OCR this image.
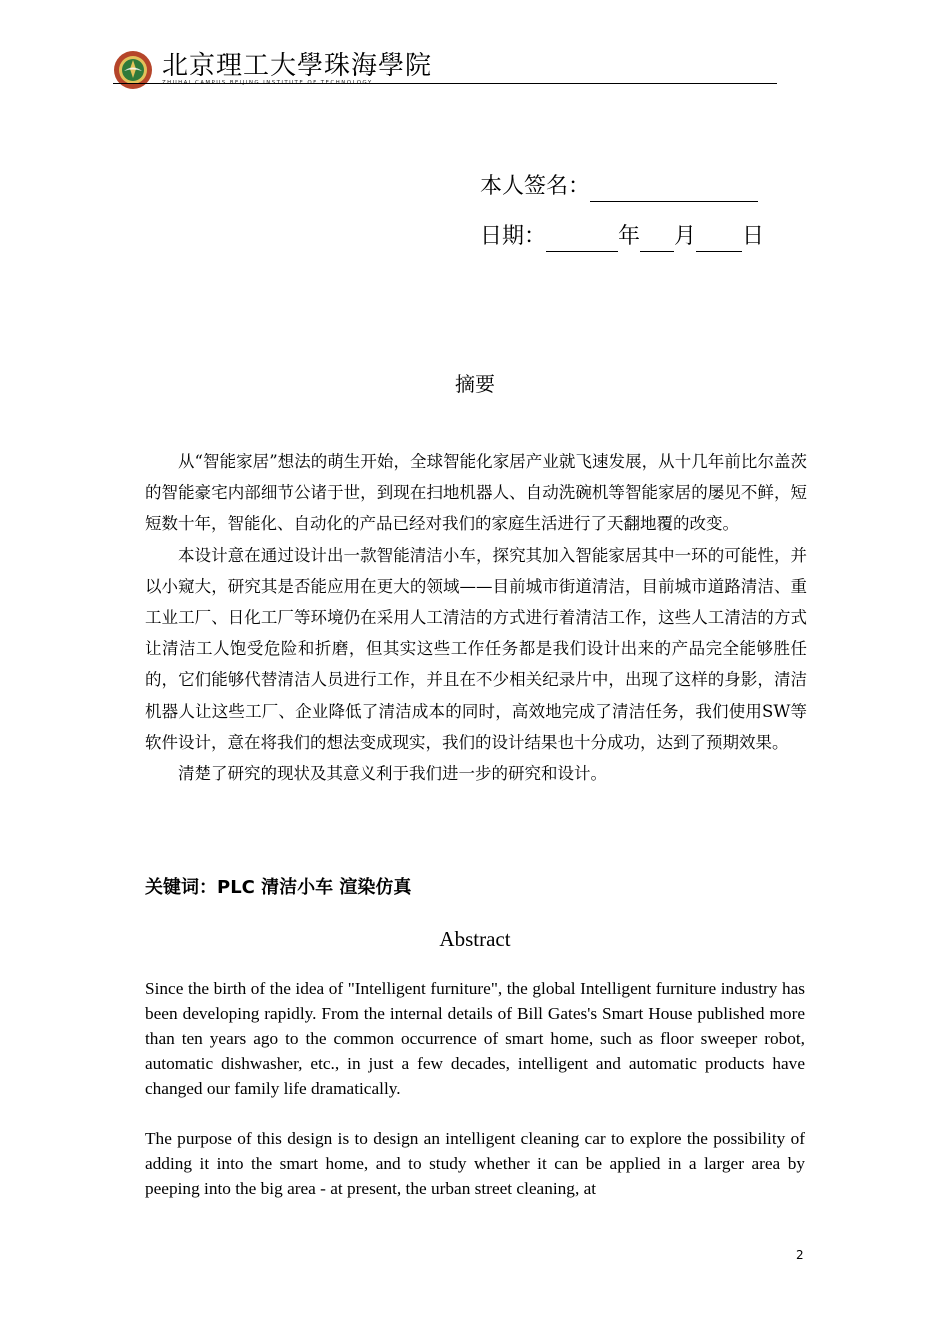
北京理工大學珠海學院
本人签名：
日期：	年 月 日
摘要

从“智能家居”想法的萌生开始，全球智能化家居产业就飞速发展，从十几年前比尔盖茨的智能豪宅内部细节公诸于世，到现在扫地机器人、自动洗碗机等智能家居的屡见不鲜，短短数十年，智能化、自动化的产品已经对我们的家庭生活进行了天翻地覆的改变。

本设计意在通过设计出一款智能清洁小车，探究其加入智能家居其中一环的可能性，并以小窥大，研究其是否能应用在更大的领域——目前城市街道清洁，目前城市道路清洁、重工业工厂、日化工厂等环境仍在采用人工清洁的方式进行着清洁工作，这些人工清洁的方式让清洁工人饱受危险和折磨，但其实这些工作任务都是我们设计出来的产品完全能够胜任的，它们能够代替清洁人员进行工作，并且在不少相关纪录片中，出现了这样的身影，清洁机器人让这些工厂、企业降低了清洁成本的同时，高效地完成了清洁任务，我们使用SW等软件设计，意在将我们的想法变成现实，我们的设计结果也十分成功，达到了预期效果。

清楚了研究的现状及其意义利于我们进一步的研究和设计。

关键词：PLC 清洁小车 渲染仿真
Abstract

Since the birth of the idea of "Intelligent furniture", the global Intelligent furniture industry has been developing rapidly. From the internal details of Bill Gates's Smart House published more than ten years ago to the common occurrence of smart home, such as floor sweeper robot, automatic dishwasher, etc., in just a few decades, intelligent and automatic products have changed our family life dramatically.

The purpose of this design is to design an intelligent cleaning car to explore the possibility of adding it into the smart home, and to study whether it can be applied in a larger area by peeping into the big area - at present, the urban street cleaning, at

2
